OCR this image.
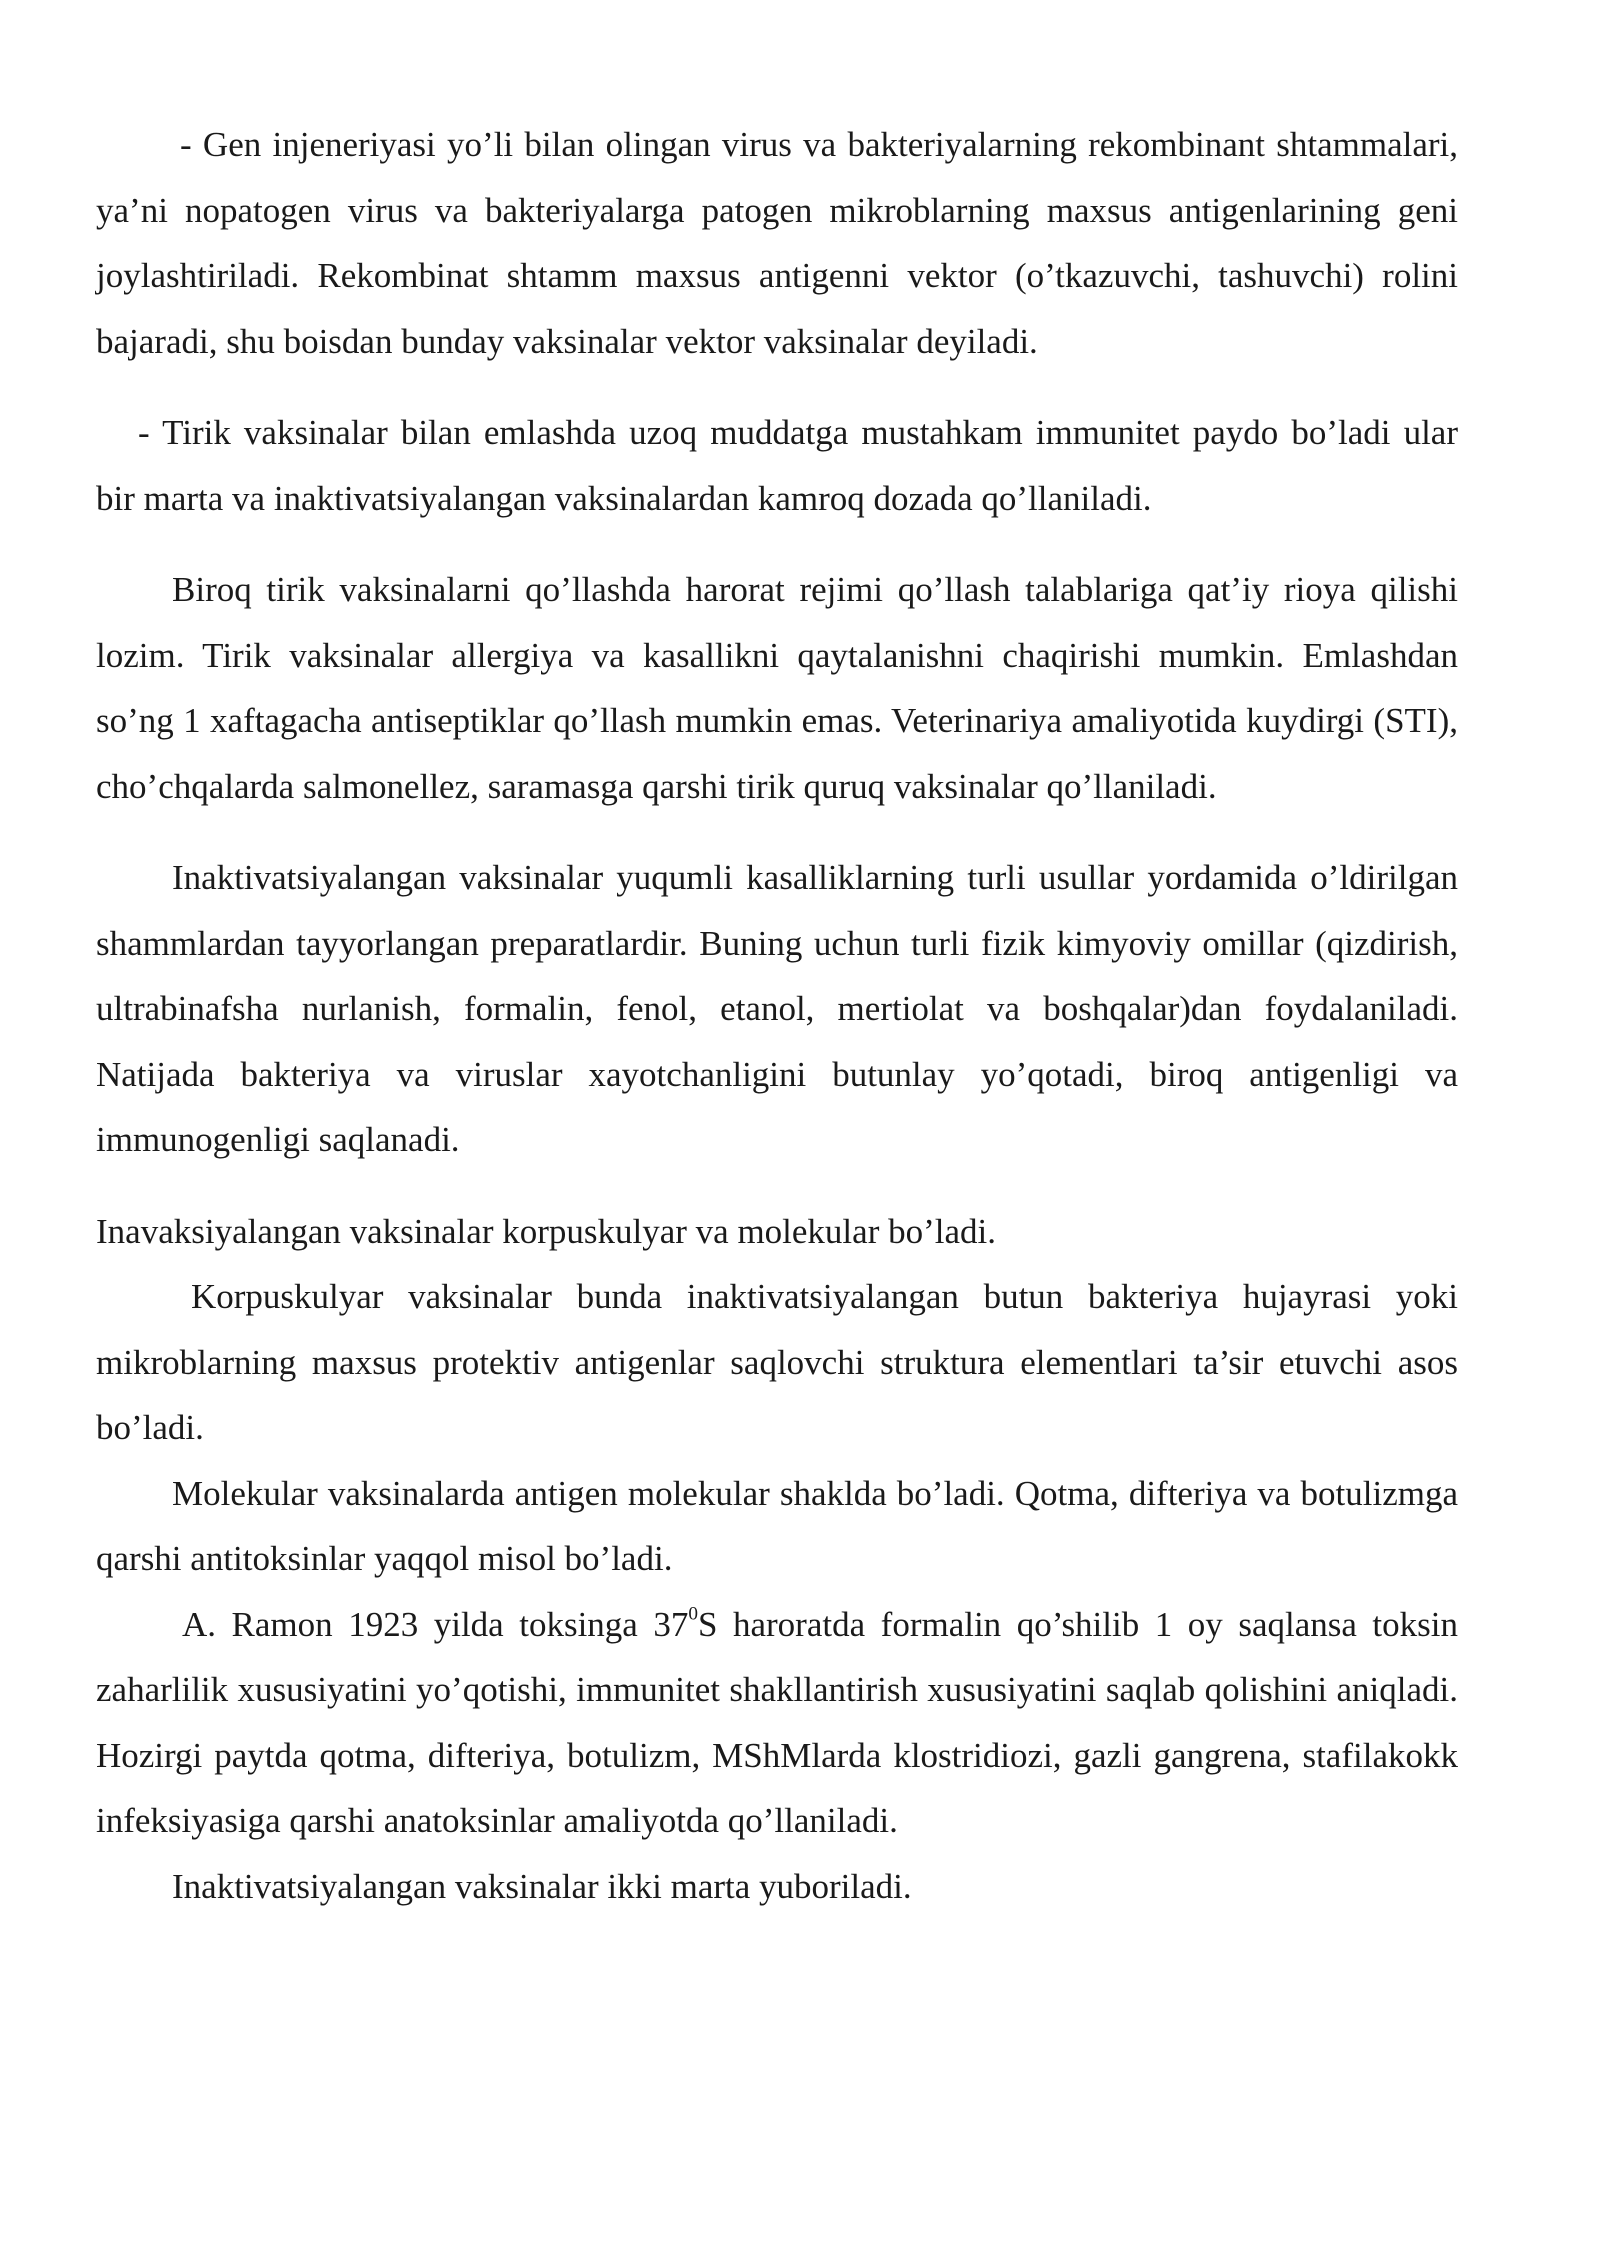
- Gen injeneriyasi yo’li bilan olingan virus va bakteriyalarning rekombinant shtammalari, ya’ni nopatogen virus va bakteriyalarga patogen mikroblarning maxsus antigenlarining geni joylashtiriladi. Rekombinat shtamm maxsus antigenni vektor (o’tkazuvchi, tashuvchi) rolini bajaradi, shu boisdan bunday vaksinalar vektor vaksinalar deyiladi.

- Tirik vaksinalar bilan emlashda uzoq muddatga mustahkam immunitet paydo bo’ladi ular bir marta va inaktivatsiyalangan vaksinalardan kamroq dozada qo’llaniladi.

Biroq tirik vaksinalarni qo’llashda harorat rejimi qo’llash talablariga qat’iy rioya qilishi lozim. Tirik vaksinalar allergiya va kasallikni qaytalanishni chaqirishi mumkin. Emlashdan so’ng 1 xaftagacha antiseptiklar qo’llash mumkin emas. Veterinariya amaliyotida kuydirgi (STI), cho’chqalarda salmonellez, saramasga qarshi tirik quruq vaksinalar qo’llaniladi.

Inaktivatsiyalangan vaksinalar yuqumli kasalliklarning turli usullar yordamida o’ldirilgan shammlardan tayyorlangan preparatlardir. Buning uchun turli fizik kimyoviy omillar (qizdirish, ultrabinafsha nurlanish, formalin, fenol, etanol, mertiolat va boshqalar)dan foydalaniladi. Natijada bakteriya va viruslar xayotchanligini butunlay yo’qotadi, biroq antigenligi va immunogenligi saqlanadi.

Inavaksiyalangan vaksinalar korpuskulyar va molekular bo’ladi.

Korpuskulyar vaksinalar bunda inaktivatsiyalangan butun bakteriya hujayrasi yoki mikroblarning maxsus protektiv antigenlar saqlovchi struktura elementlari ta’sir etuvchi asos bo’ladi.

Molekular vaksinalarda antigen molekular shaklda bo’ladi. Qotma, difteriya va botulizmga qarshi antitoksinlar yaqqol misol bo’ladi.

A. Ramon 1923 yilda toksinga $37^0S$ haroratda formalin qo’shilib 1 oy saqlansa toksin zaharlilik xususiyatini yo’qotishi, immunitet shakllantirish xususiyatini saqlab qolishini aniqladi. Hozirgi paytda qotma, difteriya, botulizm, MShMlarda klostridiozi, gazli gangrena, stafilakokk infeksiyasiga qarshi anatoksinlar amaliyotda qo’llaniladi.

Inaktivatsiyalangan vaksinalar ikki marta yuboriladi.
